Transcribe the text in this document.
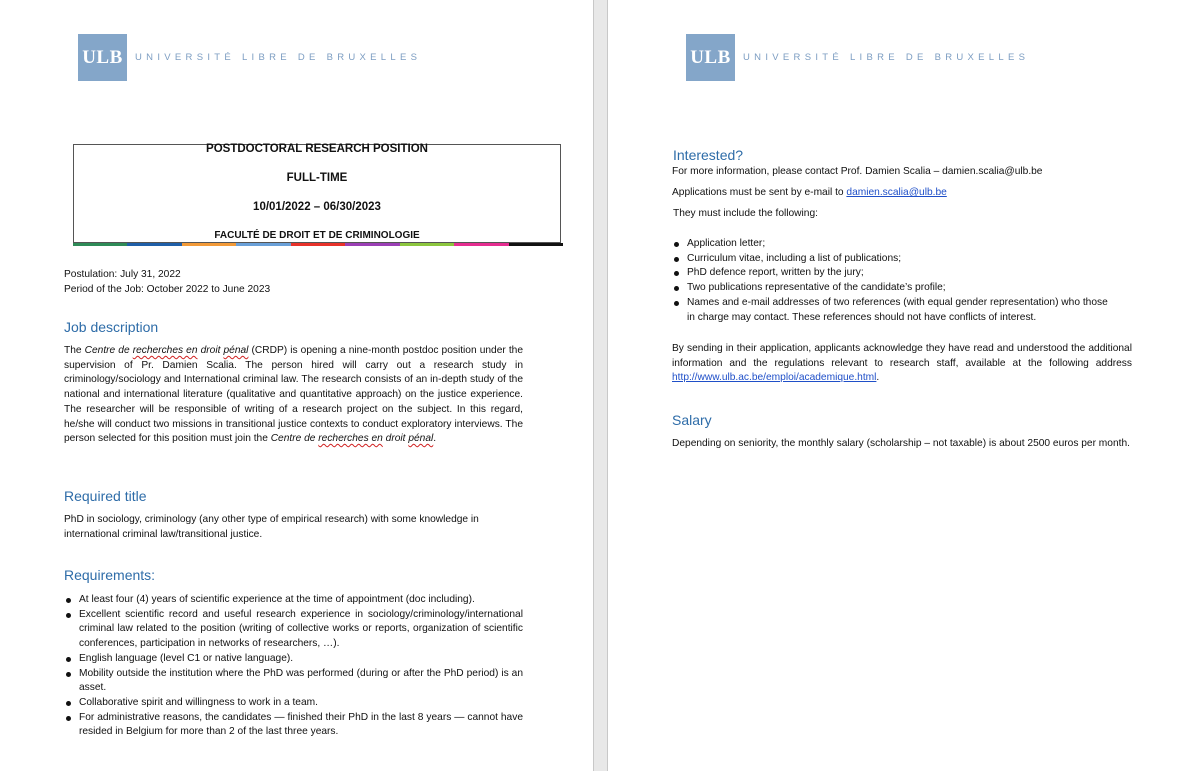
ULB	UNIVERSITÉ LIBRE DE BRUXELLES
POSTDOCTORAL RESEARCH POSITION
FULL-TIME
10/01/2022 – 06/30/2023
FACULTÉ DE DROIT ET DE CRIMINOLOGIE
Postulation: July 31, 2022
Period of the Job: October 2022 to June 2023
Job description
The Centre de recherches en droit pénal (CRDP) is opening a nine-month postdoc position under the supervision of Pr. Damien Scalia. The person hired will carry out a research study in criminology/sociology and International criminal law. The research consists of an in-depth study of the national and international literature (qualitative and quantitative approach) on the justice experience. The researcher will be responsible of writing of a research project on the subject. In this regard, he/she will conduct two missions in transitional justice contexts to conduct exploratory interviews. The person selected for this position must join the Centre de recherches en droit pénal.
Required title
PhD in sociology, criminology (any other type of empirical research) with some knowledge in international criminal law/transitional justice.
Requirements:
At least four (4) years of scientific experience at the time of appointment (doc including).
Excellent scientific record and useful research experience in sociology/criminology/international criminal law related to the position (writing of collective works or reports, organization of scientific conferences, participation in networks of researchers, …).
English language (level C1 or native language).
Mobility outside the institution where the PhD was performed (during or after the PhD period) is an asset.
Collaborative spirit and willingness to work in a team.
For administrative reasons, the candidates — finished their PhD in the last 8 years — cannot have resided in Belgium for more than 2 of the last three years.
ULB	UNIVERSITÉ LIBRE DE BRUXELLES
Interested?
For more information, please contact Prof. Damien Scalia – damien.scalia@ulb.be
Applications must be sent by e-mail to damien.scalia@ulb.be
They must include the following:
Application letter;
Curriculum vitae, including a list of publications;
PhD defence report, written by the jury;
Two publications representative of the candidate’s profile;
Names and e-mail addresses of two references (with equal gender representation) who those in charge may contact. These references should not have conflicts of interest.
By sending in their application, applicants acknowledge they have read and understood the additional information and the regulations relevant to research staff, available at the following address http://www.ulb.ac.be/emploi/academique.html.
Salary
Depending on seniority, the monthly salary (scholarship – not taxable) is about 2500 euros per month.
